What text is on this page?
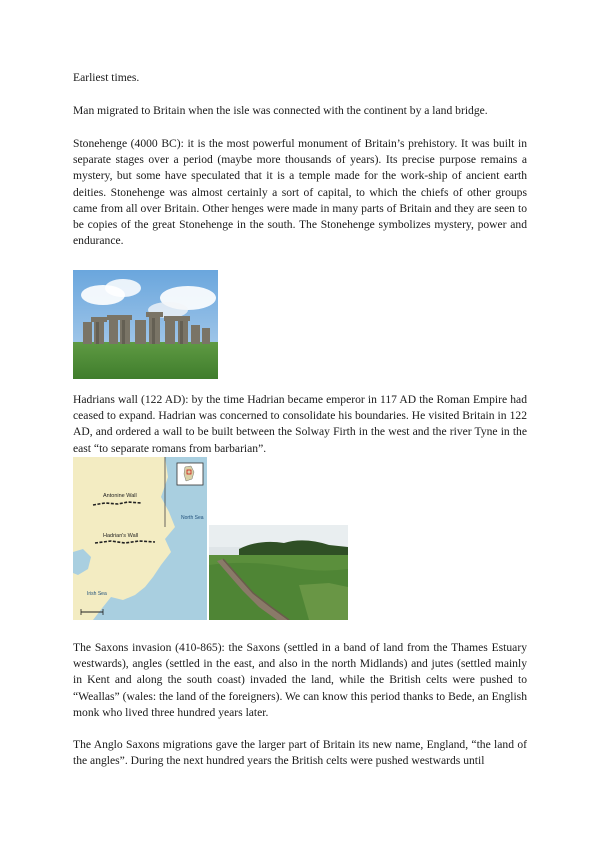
Earliest times.

Man migrated to Britain when the isle was connected with the continent by a land bridge.

Stonehenge (4000 BC): it is the most powerful monument of Britain’s prehistory. It was built in separate stages over a period (maybe more thousands of years). Its precise purpose remains a mystery, but some have speculated that it is a temple made for the work-ship of ancient earth deities. Stonehenge was almost certainly a sort of capital, to which the chiefs of other groups came from all over Britain. Other henges were made in many parts of Britain and they are seen to be copies of the great Stonehenge in the south. The Stonehenge symbolizes mystery, power and endurance.

Hadrians wall (122 AD): by the time Hadrian became emperor in 117 AD the Roman Empire had ceased to expand. Hadrian was concerned to consolidate his boundaries. He visited Britain in 122 AD, and ordered a wall to be built between the Solway Firth in the west and the river Tyne in the east “to separate romans from barbarian”.

Antonine Wall
Hadrian's Wall
North Sea
Irish Sea

The Saxons invasion (410-865): the Saxons (settled in a band of land from the Thames Estuary westwards), angles (settled in the east, and also in the north Midlands) and jutes (settled mainly in Kent and along the south coast) invaded the land, while the British celts were pushed to “Weallas” (wales: the land of the foreigners). We can know this period thanks to Bede, an English monk who lived three hundred years later.

The Anglo Saxons migrations gave the larger part of Britain its new name, England, “the land of the angles”. During the next hundred years the British celts were pushed westwards until
